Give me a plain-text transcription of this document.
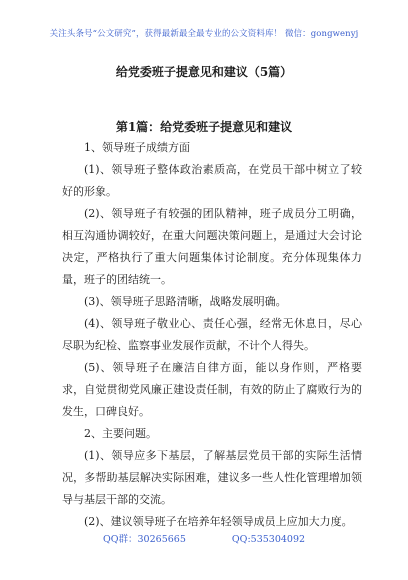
关注头条号“公文研究”，获得最新最全最专业的公文资料库！ 微信：gongwenyj
给党委班子提意见和建议（5篇）
第1篇：给党委班子提意见和建议

1、领导班子成绩方面

(1)、领导班子整体政治素质高，在党员干部中树立了较好的形象。

(2)、领导班子有较强的团队精神，班子成员分工明确，相互沟通协调较好，在重大问题决策问题上，是通过大会讨论决定，严格执行了重大问题集体讨论制度。充分体现集体力量，班子的团结统一。

(3)、领导班子思路清晰，战略发展明确。

(4)、领导班子敬业心、责任心强，经常无休息日，尽心尽职为纪检、监察事业发展作贡献，不计个人得失。

(5)、领导班子在廉洁自律方面，能以身作则，严格要求，自觉贯彻党风廉正建设责任制，有效的防止了腐败行为的发生，口碑良好。

2、主要问题。

(1)、领导应多下基层，了解基层党员干部的实际生活情况，多帮助基层解决实际困难，建议多一些人性化管理增加领导与基层干部的交流。

(2)、建议领导班子在培养年轻领导成员上应加大力度。

QQ群：30265665	QQ:535304092
